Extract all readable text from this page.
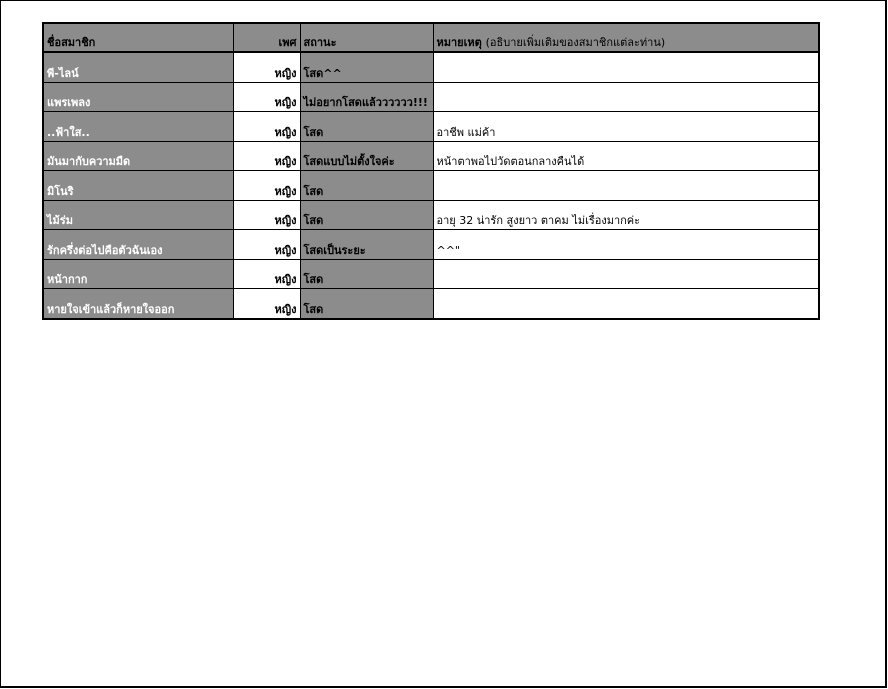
ชื่อสมาชิก	เพศ	สถานะ	หมายเหตุ (อธิบายเพิ่มเติมของสมาชิกแต่ละท่าน)
พี-ไลน์	หญิง	โสด^^	
แพรเพลง	หญิง	ไม่อยากโสดแล้วววววว!!!	
..ฟ้าใส..	หญิง	โสด	อาชีพ แม่ค้า
มันมากับความมืด	หญิง	โสดแบบไม่ตั้งใจค่ะ	หน้าตาพอไปวัดตอนกลางคืนได้
มิโนริ	หญิง	โสด	
ไม้ร่ม	หญิง	โสด	อายุ 32 น่ารัก สูงยาว ตาคม ไม่เรื่องมากค่ะ
รักครึ่งต่อไปคือตัวฉันเอง	หญิง	โสดเป็นระยะ	^^"
หน้ากาก	หญิง	โสด	
หายใจเข้าแล้วก็หายใจออก	หญิง	โสด	
